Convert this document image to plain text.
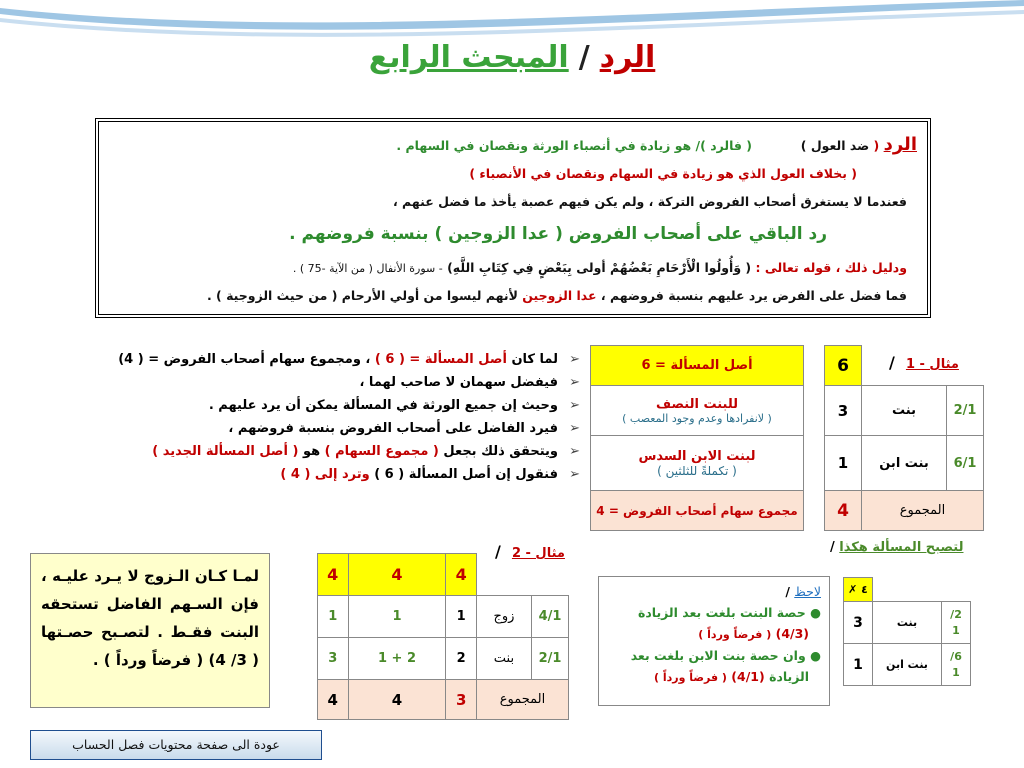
الرد/المبحث الرابع
الرد ( ضد العول )  ( فالرد )/ هو زيادة في أنصباء الورثة ونقصان في السهام .
( بخلاف العول الذي هو زيادة في السهام ونقصان في الأنصباء )
فعندما لا يستغرق أصحاب الفروض التركة ، ولم يكن فيهم عصبة يأخذ ما فضل عنهم ،
رد الباقي على أصحاب الفروض ( عدا الزوجين ) بنسبة فروضهم .
ودليل ذلك ، قوله تعالى : ( وَأُولُوا الْأَرْحَامِ بَعْضُهُمْ أولى بِبَعْضٍ فِي كِتَابِ اللَّهِ) - سورة الأنفال ( من الآية -75 ) .
فما فضل على الفرض يرد عليهم بنسبة فروضهم ، عدا الزوجين لأنهم ليسوا من أولي الأرحام ( من حيث الزوجية ) .
مثال - 1 /
		6
2/1	بنت	3
6/1	بنت ابن	1
المجموع		4
أصل المسألة = 6

للبنت النصف
( لانفرادها وعدم وجود المعصب )

لبنت الابن السدس
( تكملةً للثلثين )

مجموع سهام أصحاب الفروض = 4
➢
لما كان أصل المسألة = ( 6 ) ، ومجموع سهام أصحاب الفروض = ( 4)
➢
فيفضل سهمان لا صاحب لهما ،
➢
وحيث إن جميع الورثة في المسألة يمكن أن يرد عليهم .
➢
فيرد الفاضل على أصحاب الفروض بنسبة فروضهم ،
➢
ويتحقق ذلك بجعل ( مجموع السهام ) هو ( أصل المسألة الجديد )
➢
فنقول إن أصل المسألة ( 6 ) وترد إلى ( 4 )
لتصبح المسألة هكذا /
		٤ ✗

2/
1	بنت	3

6/
1	بنت ابن	1
لاحظ /
● حصة البنت بلغت بعد الزيادة
(4/3) ( فرضاً ورداً )
● وان حصة بنت الابن بلغت بعد
الزيادة (4/1) ( فرضاً ورداً )
مثال - 2 /
		4	4	4
4/1	زوج	1	1	1
2/1	بنت	2	2 + 1	3
المجموع		3	4	4
لمـا كـان الـزوج لا يـرد عليـه ، فإن السـهم الفاضل تستحقه البنت فقـط . لتصـبح حصـتها ( 3/ 4) ( فرضاً ورداً ) .
عودة الى صفحة محتويات فصل الحساب
